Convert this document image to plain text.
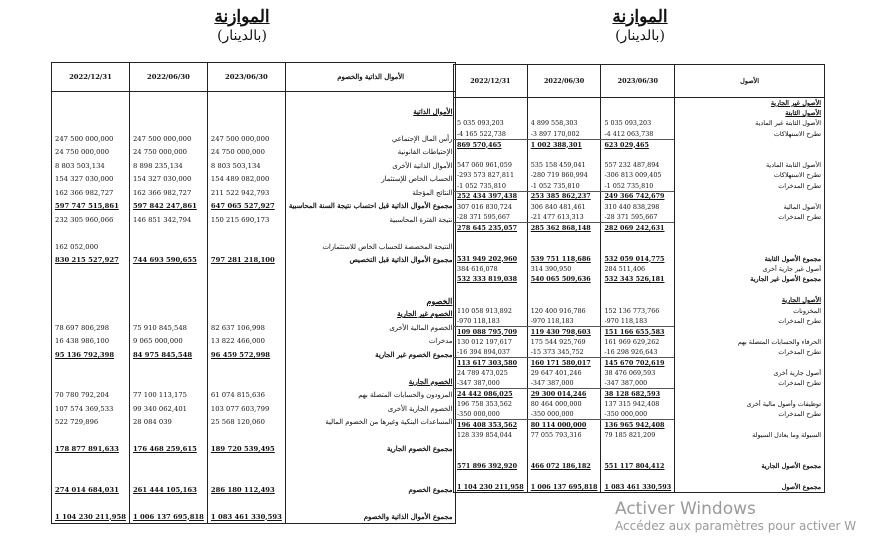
الموازنة
(بالدينار)
الموازنة
(بالدينار)
الأموال الذاتية والخصوم	2023/06/30	2022/06/30	2022/12/31

الأموال الذاتية			

رأس المال الإجتماعي	247 500 000,000	247 500 000,000	247 500 000,000
الإحتياطات القانونية	24 750 000,000	24 750 000,000	24 750 000,000
الأموال الذاتية الأخرى	8 803 503,134	8 898 235,134	8 803 503,134
الحساب الخاص للإستثمار	154 489 082,000	154 327 030,000	154 327 030,000
النتائج المؤجلة	211 522 942,793	162 366 982,727	162 366 982,727
مجموع الأموال الذاتية قبل احتساب نتيجة السنة المحاسبية	647 065 527,927	597 842 247,861	597 747 515,861
نتيجة الفترة المحاسبية	150 215 690,173	146 851 342,794	232 305 960,066

النتيجة المخصصة للحساب الخاص للاستثمارات			162 052,000
مجموع الأموال الذاتية قبل التخصيص	797 281 218,100	744 693 590,655	830 215 527,927

الخصوم			
الخصوم غير الجارية			
الخصوم المالية الأخرى	82 637 106,998	75 910 845,548	78 697 806,298
مدخرات	13 822 466,000	9 065 000,000	16 438 986,100
مجموع الخصوم غير الجارية	96 459 572,998	84 975 845,548	95 136 792,398

الخصوم الجارية			
المزودون والحسابات المتصلة بهم	61 074 815,636	77 100 113,175	70 780 792,204
الخصوم الجارية الأخرى	103 077 603,799	99 340 062,401	107 574 369,533
المساعدات البنكية وغيرها من الخصوم المالية	25 568 120,060	28 084 039	522 729,896

مجموع الخصوم الجارية	189 720 539,495	176 468 259,615	178 877 891,633

مجموع الخصوم	286 180 112,493	261 444 105,163	274 014 684,031

مجموع الأموال الذاتية والخصوم	1 083 461 330,593	1 006 137 695,818	1 104 230 211,958
الأصول	2023/06/30	2022/06/30	2022/12/31
الأصول غير الجارية			
الأصول الثابتة			
الأصول الثابتة غير المادية	5 035 093,203	4 899 558,303	5 035 093,203
تطرح الاستهلاكات	-4 412 063,738	-3 897 170,002	-4 165 522,738
	623 029,465	1 002 388,301	869 570,465

الأصول الثابتة المادية	557 232 487,894	535 158 459,041	547 060 961,059
تطرح الاستهلاكات	-306 813 009,405	-280 719 860,994	-293 573 827,811
تطرح المدخرات	-1 052 735,810	-1 052 735,810	-1 052 735,810
	249 366 742,679	253 385 862,237	252 434 397,438
الأصول المالية	310 440 838,298	306 840 481,461	307 016 830,724
تطرح المدخرات	-28 371 595,667	-21 477 613,313	-28 371 595,667
	282 069 242,631	285 362 868,148	278 645 235,057

مجموع الأصول الثابتة	532 059 014,775	539 751 118,686	531 949 202,960
أصول غير جارية أخرى	284 511,406	314 390,950	384 616,078
مجموع الأصول غير الجارية	532 343 526,181	540 065 509,636	532 333 819,038

الأصول الجارية			
المخزونات	152 136 773,766	120 400 916,786	110 058 913,892
تطرح المدخرات	-970 118,183	-970 118,183	-970 118,183
	151 166 655,583	119 430 798,603	109 088 795,709
الحرفاء والحسابات المتصلة بهم	161 969 629,262	175 544 925,769	130 012 197,617
تطرح المدخرات	-16 298 926,643	-15 373 345,752	-16 394 894,037
	145 670 702,619	160 171 580,017	113 617 303,580
أصول جارية أخرى	38 476 069,593	29 647 401,246	24 789 473,025
تطرح المدخرات	-347 387,000	-347 387,000	-347 387,000
	38 128 682,593	29 300 014,246	24 442 086,025
توظيفات وأصول مالية أخرى	137 315 942,408	80 464 000,000	196 758 353,562
تطرح المدخرات	-350 000,000	-350 000,000	-350 000,000
	136 965 942,408	80 114 000,000	196 408 353,562
السيولة وما يعادل السيولة	79 185 821,209	77 055 793,316	128 339 854,044

مجموع الأصول الجارية	551 117 804,412	466 072 186,182	571 896 392,920

مجموع الأصول	1 083 461 330,593	1 006 137 695,818	1 104 230 211,958
Activer Windows
Accédez aux paramètres pour activer W
